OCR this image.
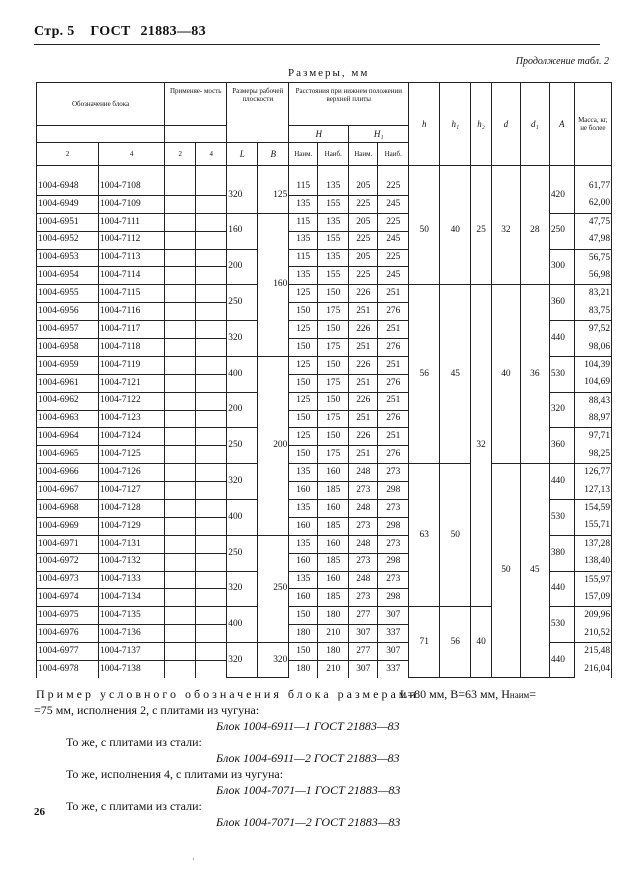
Стр. 5 ГОСТ 21883—83
Продолжение табл. 2
Размеры, мм
Обозначение блока		Применяе- мость		Размеры рабочей плоскости		Расстояния при нижнем положении верхней плиты				h	h₁	h₂	d	d₁	A	Масса, кг, не более
						H		H₁								
				L	B	Наим.	Наиб.	Наим.	Наиб.							
2	4	2	4													

1004-6948	1004-7108			320	125	115	135	205	225	50	40	25	32	28	420	61,77
1004-6949	1004-7109					135	155	225	245							62,00
1004-6951	1004-7111			160	160	115	135	205	225						250	47,75
1004-6952	1004-7112					135	155	225	245							47,98
1004-6953	1004-7113			200		115	135	205	225						300	56,75
1004-6954	1004-7114					135	155	225	245							56,98
1004-6955	1004-7115			250		125	150	226	251	56	45	32	40	36	360	83,21
1004-6956	1004-7116					150	175	251	276							83,75
1004-6957	1004-7117			320		125	150	226	251						440	97,52
1004-6958	1004-7118					150	175	251	276							98,06
1004-6959	1004-7119			400	200	125	150	226	251						530	104,39
1004-6961	1004-7121					150	175	251	276							104,69
1004-6962	1004-7122			200		125	150	226	251						320	88,43
1004-6963	1004-7123					150	175	251	276							88,97
1004-6964	1004-7124			250		125	150	226	251						360	97,71
1004-6965	1004-7125					150	175	251	276							98,25
1004-6966	1004-7126			320		135	160	248	273	63	50		50	45	440	126,77
1004-6967	1004-7127					160	185	273	298							127,13
1004-6968	1004-7128			400		135	160	248	273						530	154,59
1004-6969	1004-7129					160	185	273	298							155,71
1004-6971	1004-7131			250	250	135	160	248	273						380	137,28
1004-6972	1004-7132					160	185	273	298							138,40
1004-6973	1004-7133			320		135	160	248	273						440	155,97
1004-6974	1004-7134					160	185	273	298							157,09
1004-6975	1004-7135			400		150	180	277	307	71	56	40			530	209,96
1004-6976	1004-7136					180	210	307	337							210,52
1004-6977	1004-7137			320	320	150	180	277	307						440	215,48
1004-6978	1004-7138					180	210	307	337							216,04
Пример условного обозначения блока размерами
L=80 мм, B=63 мм, Hнаим=
=75 мм, исполнения 2, с плитами из чугуна:
Блок 1004-6911—1 ГОСТ 21883—83
То же, с плитами из стали:
Блок 1004-6911—2 ГОСТ 21883—83
То же, исполнения 4, с плитами из чугуна:
Блок 1004-7071—1 ГОСТ 21883—83
То же, с плитами из стали:
Блок 1004-7071—2 ГОСТ 21883—83
26
·
